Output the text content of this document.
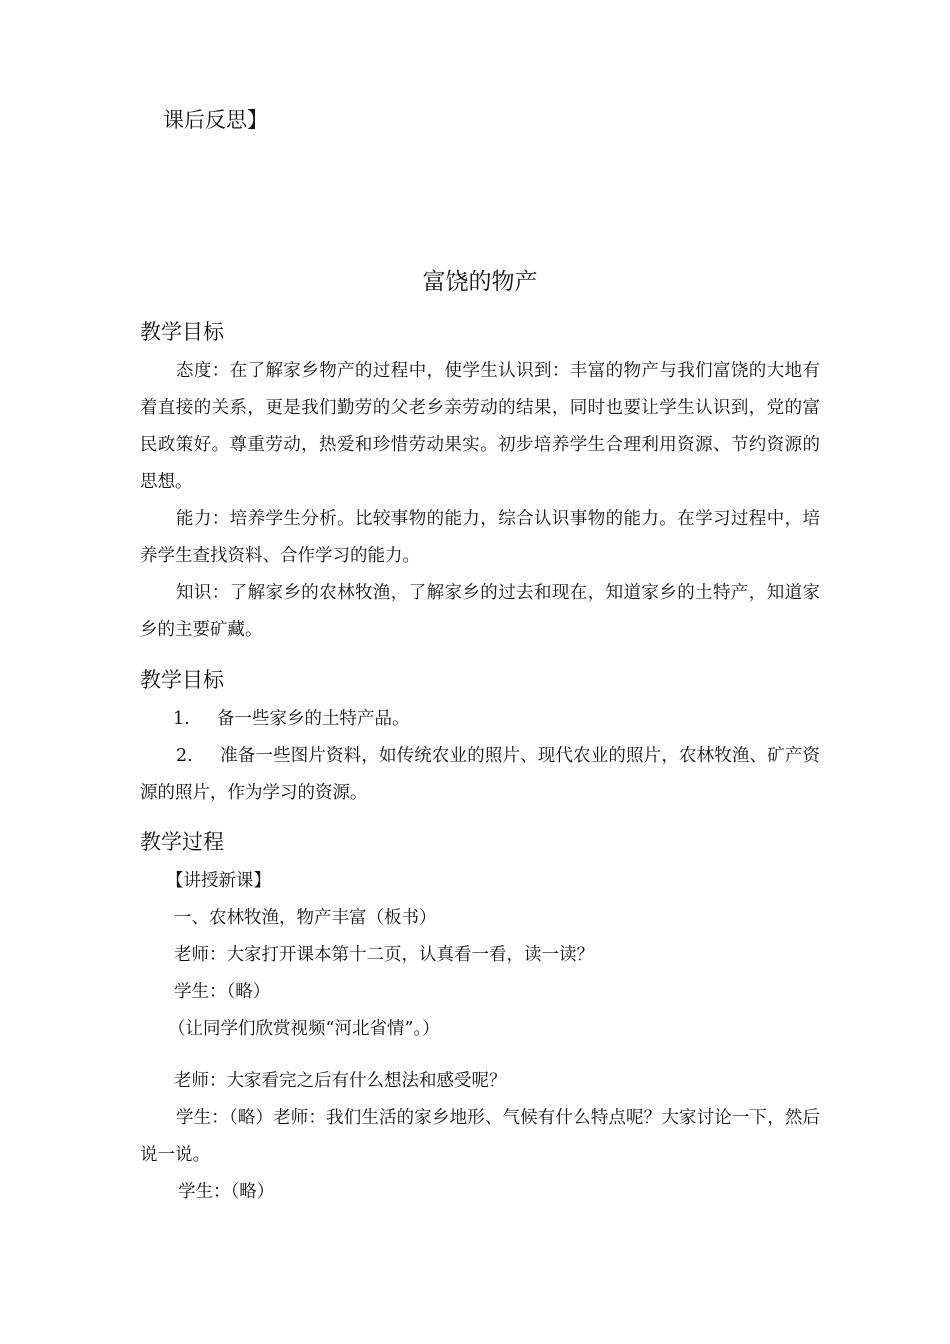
课后反思】
富饶的物产
教学目标
态度：在了解家乡物产的过程中，使学生认识到：丰富的物产与我们富饶的大地有着直接的关系，更是我们勤劳的父老乡亲劳动的结果，同时也要让学生认识到，党的富民政策好。尊重劳动，热爱和珍惜劳动果实。初步培养学生合理利用资源、节约资源的思想。
能力：培养学生分析。比较事物的能力，综合认识事物的能力。在学习过程中，培养学生查找资料、合作学习的能力。
知识：了解家乡的农林牧渔，了解家乡的过去和现在，知道家乡的土特产，知道家乡的主要矿藏。
教学目标
1. 备一些家乡的土特产品。
2. 准备一些图片资料，如传统农业的照片、现代农业的照片，农林牧渔、矿产资源的照片，作为学习的资源。
教学过程
【讲授新课】
一、农林牧渔，物产丰富（板书）
老师：大家打开课本第十二页，认真看一看，读一读？
学生：（略）
（让同学们欣赏视频“河北省情”。）
老师：大家看完之后有什么想法和感受呢？
学生：（略）老师：我们生活的家乡地形、气候有什么特点呢？大家讨论一下，然后说一说。
学生：（略）
